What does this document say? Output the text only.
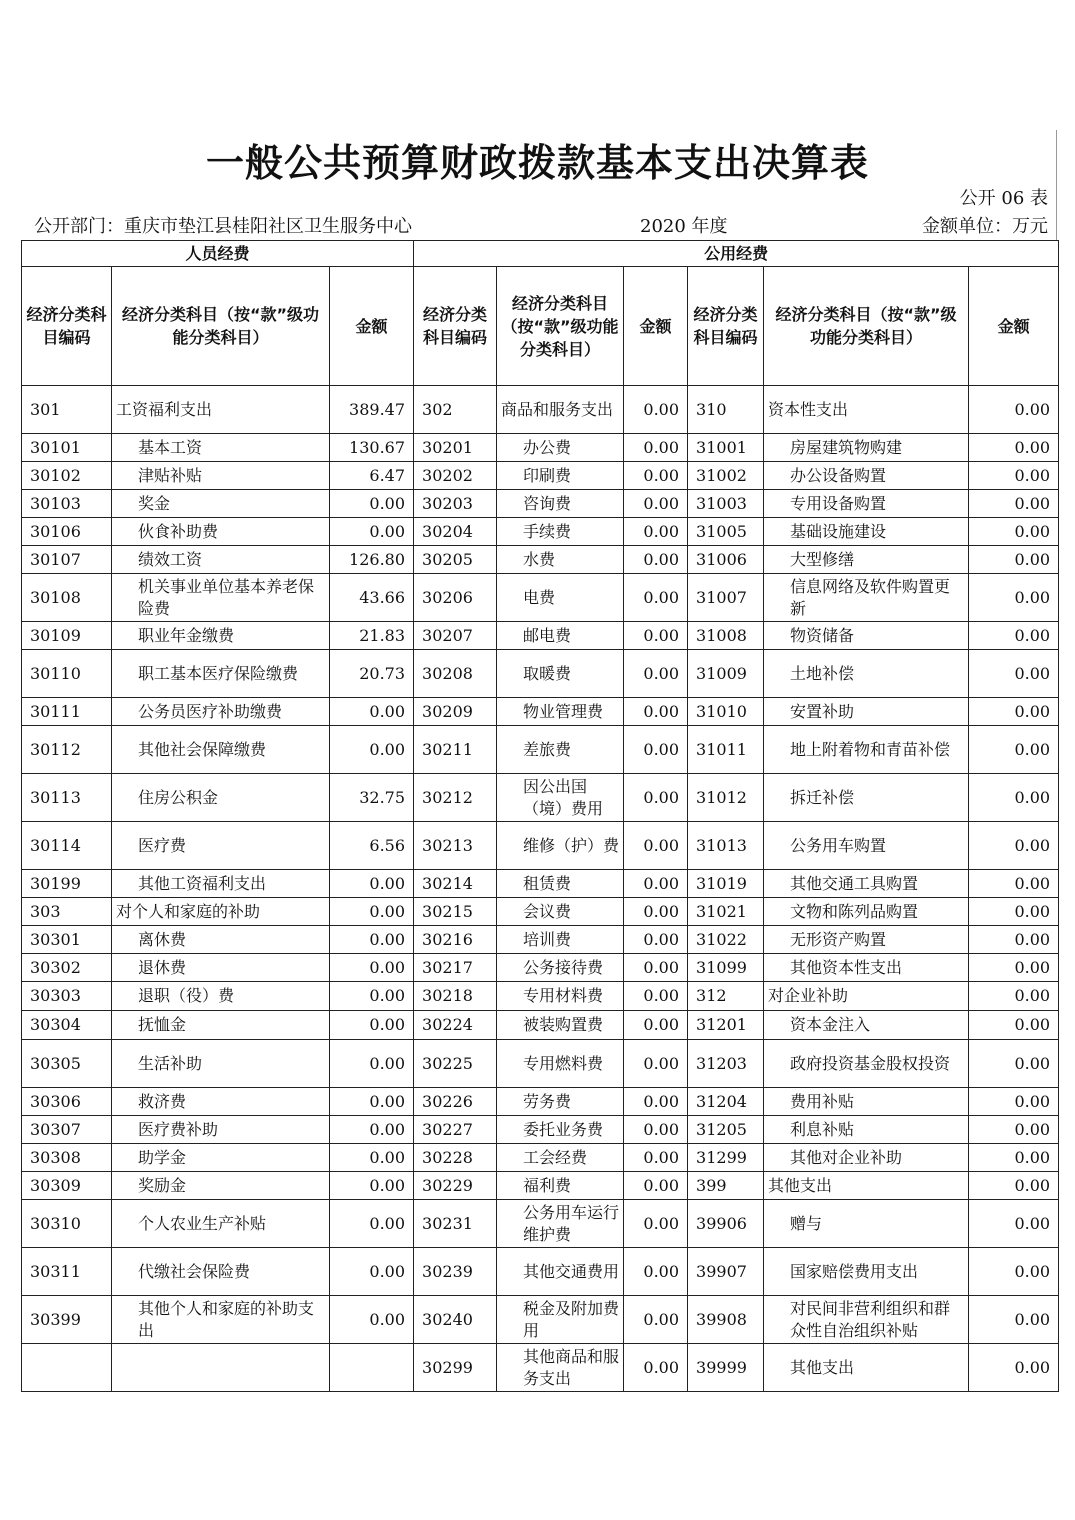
一般公共预算财政拨款基本支出决算表
公开 06 表
公开部门：重庆市垫江县桂阳社区卫生服务中心	2020 年度	金额单位：万元
人员经费			公用经费					
经济分类科目编码	经济分类科目（按“款”级功能分类科目）	金额	经济分类科目编码	经济分类科目（按“款”级功能分类科目）	金额	经济分类科目编码	经济分类科目（按“款”级功能分类科目）	金额
301	工资福利支出	389.47	302	商品和服务支出	0.00	310	资本性支出	0.00
30101	基本工资	130.67	30201	办公费	0.00	31001	房屋建筑物购建	0.00
30102	津贴补贴	6.47	30202	印刷费	0.00	31002	办公设备购置	0.00
30103	奖金	0.00	30203	咨询费	0.00	31003	专用设备购置	0.00
30106	伙食补助费	0.00	30204	手续费	0.00	31005	基础设施建设	0.00
30107	绩效工资	126.80	30205	水费	0.00	31006	大型修缮	0.00
30108	机关事业单位基本养老保险费	43.66	30206	电费	0.00	31007	信息网络及软件购置更新	0.00
30109	职业年金缴费	21.83	30207	邮电费	0.00	31008	物资储备	0.00
30110	职工基本医疗保险缴费	20.73	30208	取暖费	0.00	31009	土地补偿	0.00
30111	公务员医疗补助缴费	0.00	30209	物业管理费	0.00	31010	安置补助	0.00
30112	其他社会保障缴费	0.00	30211	差旅费	0.00	31011	地上附着物和青苗补偿	0.00
30113	住房公积金	32.75	30212	因公出国（境）费用	0.00	31012	拆迁补偿	0.00
30114	医疗费	6.56	30213	维修（护）费	0.00	31013	公务用车购置	0.00
30199	其他工资福利支出	0.00	30214	租赁费	0.00	31019	其他交通工具购置	0.00
303	对个人和家庭的补助	0.00	30215	会议费	0.00	31021	文物和陈列品购置	0.00
30301	离休费	0.00	30216	培训费	0.00	31022	无形资产购置	0.00
30302	退休费	0.00	30217	公务接待费	0.00	31099	其他资本性支出	0.00
30303	退职（役）费	0.00	30218	专用材料费	0.00	312	对企业补助	0.00
30304	抚恤金	0.00	30224	被装购置费	0.00	31201	资本金注入	0.00
30305	生活补助	0.00	30225	专用燃料费	0.00	31203	政府投资基金股权投资	0.00
30306	救济费	0.00	30226	劳务费	0.00	31204	费用补贴	0.00
30307	医疗费补助	0.00	30227	委托业务费	0.00	31205	利息补贴	0.00
30308	助学金	0.00	30228	工会经费	0.00	31299	其他对企业补助	0.00
30309	奖励金	0.00	30229	福利费	0.00	399	其他支出	0.00
30310	个人农业生产补贴	0.00	30231	公务用车运行维护费	0.00	39906	赠与	0.00
30311	代缴社会保险费	0.00	30239	其他交通费用	0.00	39907	国家赔偿费用支出	0.00
30399	其他个人和家庭的补助支出	0.00	30240	税金及附加费用	0.00	39908	对民间非营利组织和群众性自治组织补贴	0.00
			30299	其他商品和服务支出	0.00	39999	其他支出	0.00
